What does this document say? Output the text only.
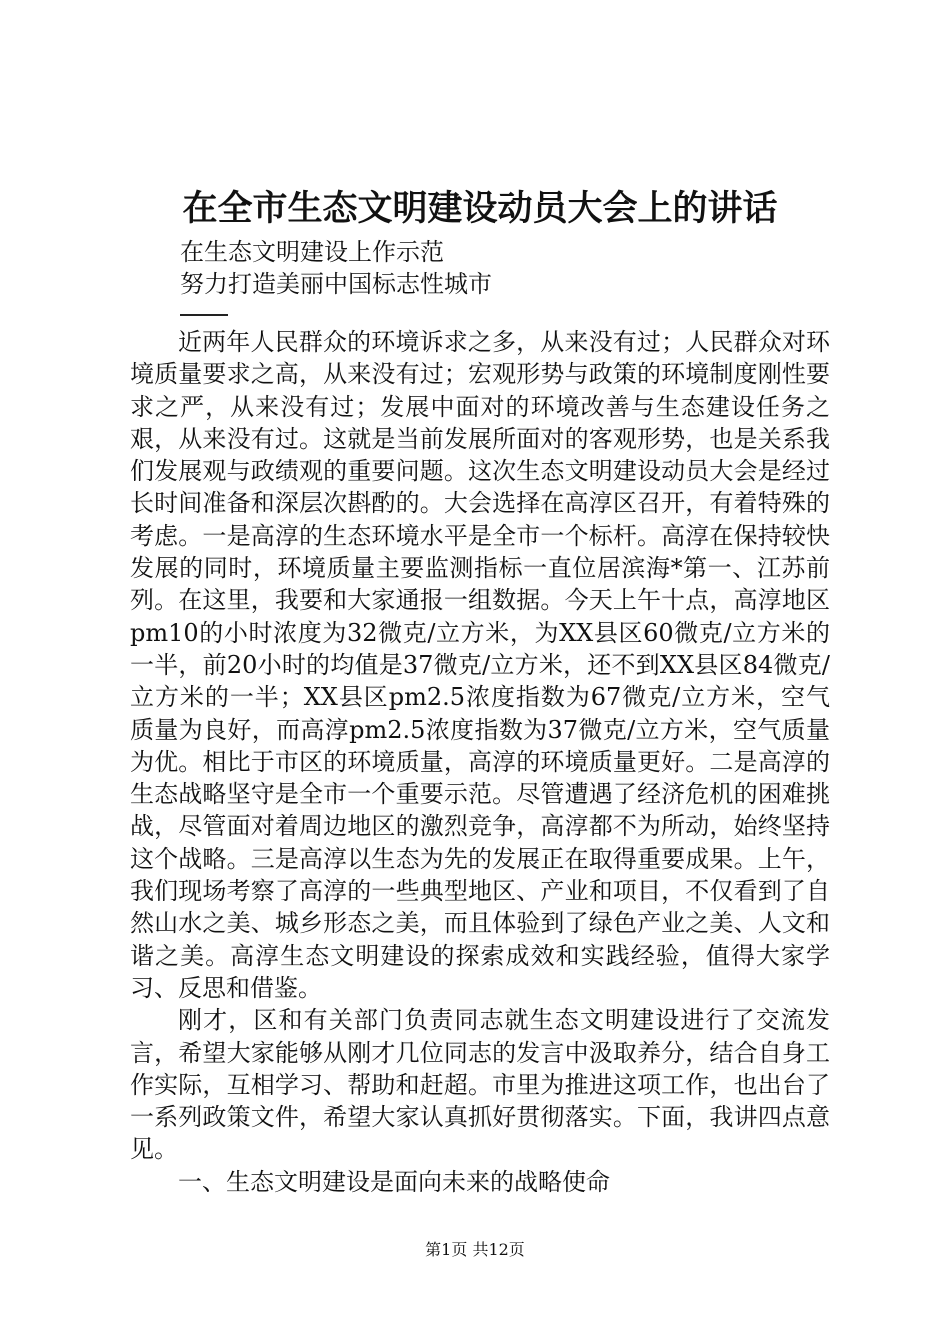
在全市生态文明建设动员大会上的讲话
在生态文明建设上作示范
努力打造美丽中国标志性城市

近两年人民群众的环境诉求之多，从来没有过；人民群众对环境质量要求之高，从来没有过；宏观形势与政策的环境制度刚性要求之严，从来没有过；发展中面对的环境改善与生态建设任务之艰，从来没有过。这就是当前发展所面对的客观形势，也是关系我们发展观与政绩观的重要问题。这次生态文明建设动员大会是经过长时间准备和深层次斟酌的。大会选择在高淳区召开，有着特殊的考虑。一是高淳的生态环境水平是全市一个标杆。高淳在保持较快发展的同时，环境质量主要监测指标一直位居滨海*第一、江苏前列。在这里，我要和大家通报一组数据。今天上午十点，高淳地区pm10的小时浓度为32微克/立方米，为XX县区60微克/立方米的一半，前20小时的均值是37微克/立方米，还不到XX县区84微克/立方米的一半；XX县区pm2.5浓度指数为67微克/立方米，空气质量为良好，而高淳pm2.5浓度指数为37微克/立方米，空气质量为优。相比于市区的环境质量，高淳的环境质量更好。二是高淳的生态战略坚守是全市一个重要示范。尽管遭遇了经济危机的困难挑战，尽管面对着周边地区的激烈竞争，高淳都不为所动，始终坚持这个战略。三是高淳以生态为先的发展正在取得重要成果。上午，我们现场考察了高淳的一些典型地区、产业和项目，不仅看到了自然山水之美、城乡形态之美，而且体验到了绿色产业之美、人文和谐之美。高淳生态文明建设的探索成效和实践经验，值得大家学习、反思和借鉴。

刚才，区和有关部门负责同志就生态文明建设进行了交流发言，希望大家能够从刚才几位同志的发言中汲取养分，结合自身工作实际，互相学习、帮助和赶超。市里为推进这项工作，也出台了一系列政策文件，希望大家认真抓好贯彻落实。下面，我讲四点意见。

一、生态文明建设是面向未来的战略使命

第1页 共12页
